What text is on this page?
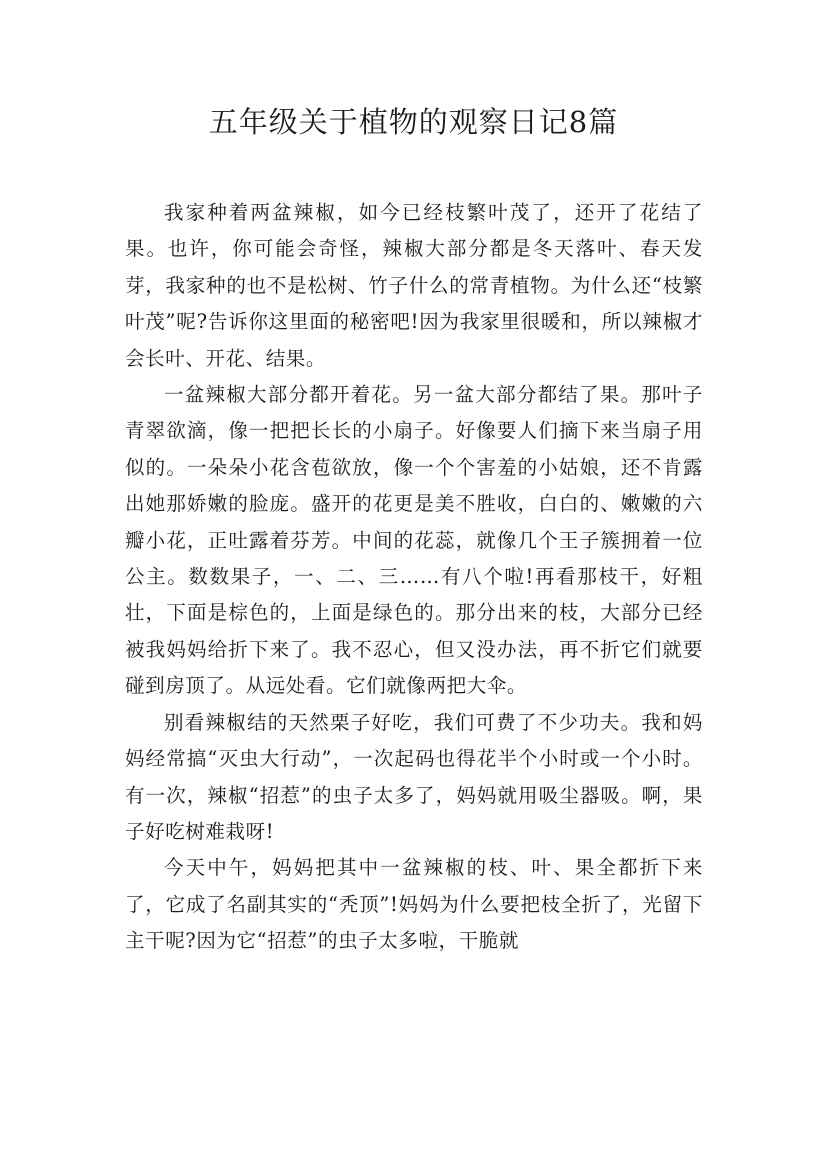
五年级关于植物的观察日记8篇

我家种着两盆辣椒，如今已经枝繁叶茂了，还开了花结了果。也许，你可能会奇怪，辣椒大部分都是冬天落叶、春天发芽，我家种的也不是松树、竹子什么的常青植物。为什么还“枝繁叶茂”呢?告诉你这里面的秘密吧!因为我家里很暖和，所以辣椒才会长叶、开花、结果。

一盆辣椒大部分都开着花。另一盆大部分都结了果。那叶子青翠欲滴，像一把把长长的小扇子。好像要人们摘下来当扇子用似的。一朵朵小花含苞欲放，像一个个害羞的小姑娘，还不肯露出她那娇嫩的脸庞。盛开的花更是美不胜收，白白的、嫩嫩的六瓣小花，正吐露着芬芳。中间的花蕊，就像几个王子簇拥着一位公主。数数果子，一、二、三……有八个啦!再看那枝干，好粗壮，下面是棕色的，上面是绿色的。那分出来的枝，大部分已经被我妈妈给折下来了。我不忍心，但又没办法，再不折它们就要碰到房顶了。从远处看。它们就像两把大伞。

别看辣椒结的天然栗子好吃，我们可费了不少功夫。我和妈妈经常搞“灭虫大行动”，一次起码也得花半个小时或一个小时。有一次，辣椒“招惹”的虫子太多了，妈妈就用吸尘器吸。啊，果子好吃树难栽呀!

今天中午，妈妈把其中一盆辣椒的枝、叶、果全都折下来了，它成了名副其实的“秃顶”!妈妈为什么要把枝全折了，光留下主干呢?因为它“招惹”的虫子太多啦，干脆就
